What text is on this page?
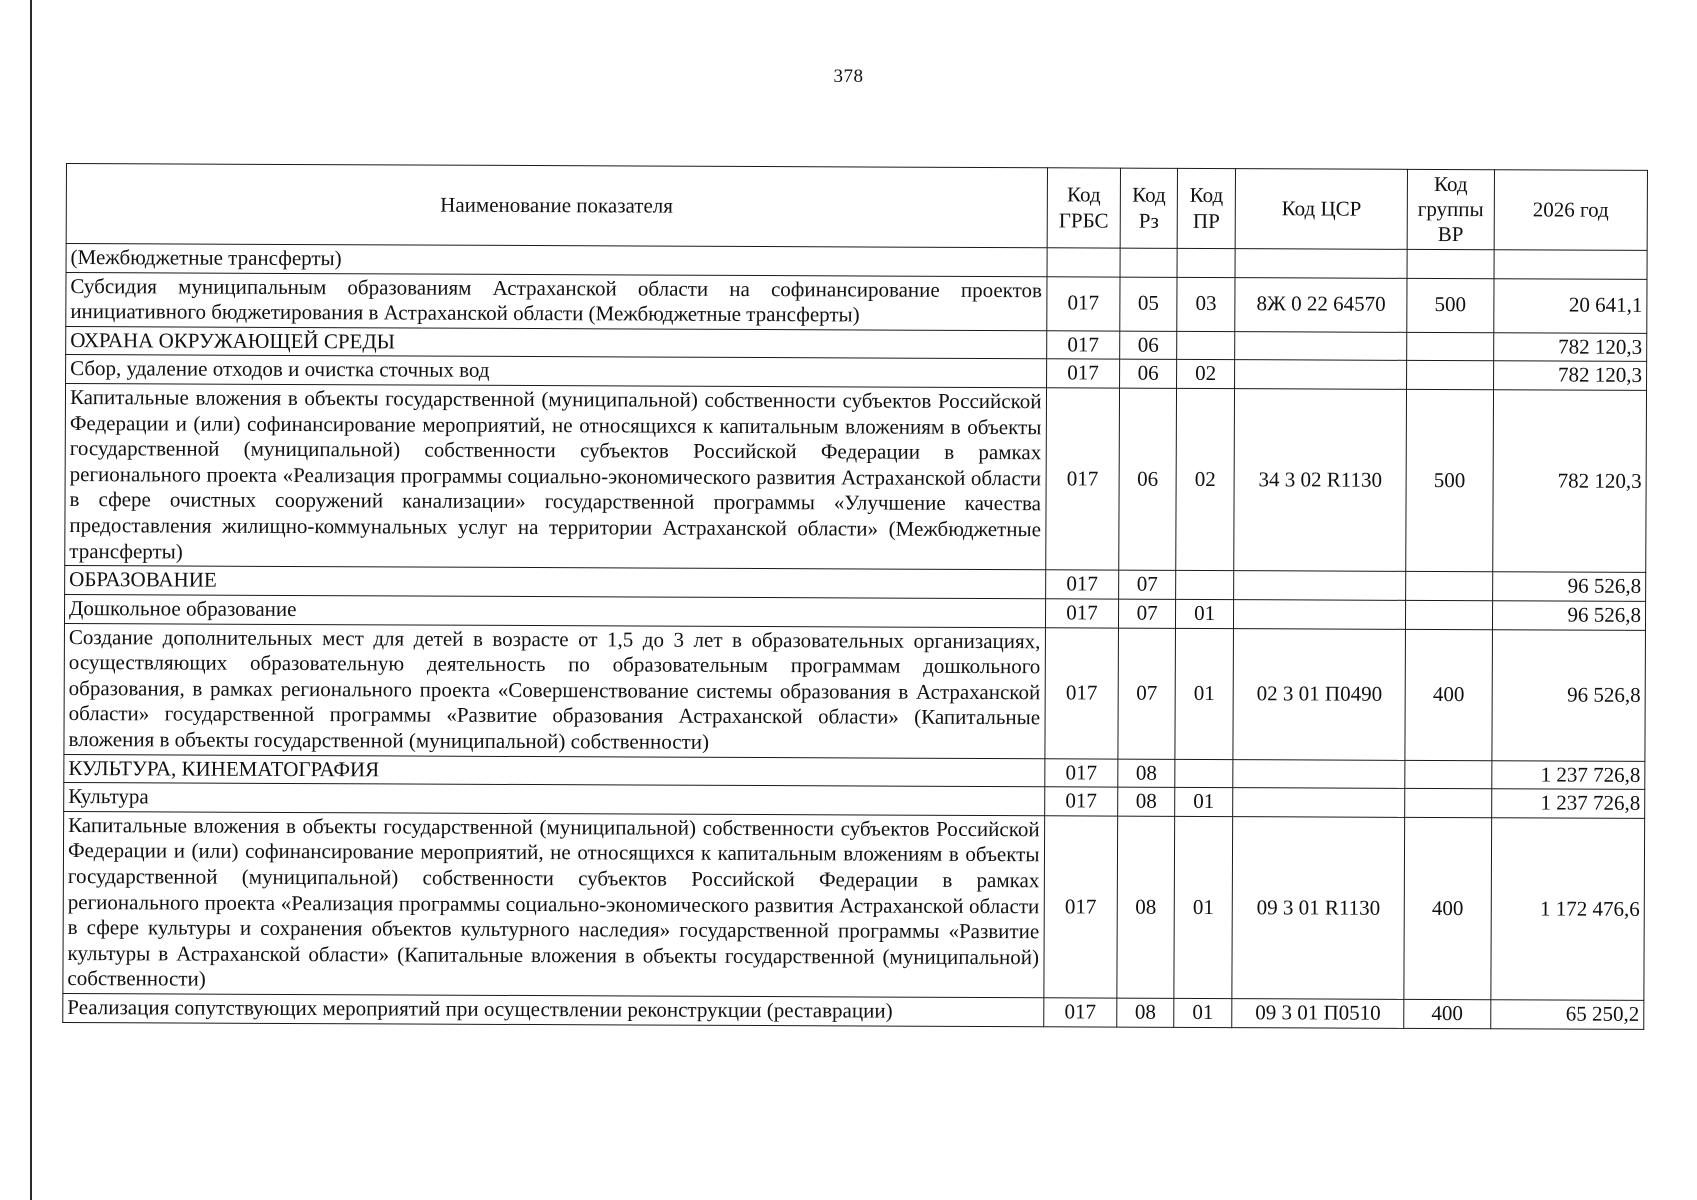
378
Наименование показателя	Код ГРБС	Код Рз	Код ПР	Код ЦСР	Код группы ВР	2026 год
(Межбюджетные трансферты)						
Субсидия муниципальным образованиям Астраханской области на софинансирование проектов инициативного бюджетирования в Астраханской области (Межбюджетные трансферты)	017	05	03	8Ж 0 22 64570	500	20 641,1
ОХРАНА ОКРУЖАЮЩЕЙ СРЕДЫ	017	06				782 120,3
Сбор, удаление отходов и очистка сточных вод	017	06	02			782 120,3
Капитальные вложения в объекты государственной (муниципальной) собственности субъектов Российской Федерации и (или) софинансирование мероприятий, не относящихся к капитальным вложениям в объекты государственной (муниципальной) собственности субъектов Российской Федерации в рамках регионального проекта «Реализация программы социально-экономического развития Астраханской области в сфере очистных сооружений канализации» государственной программы «Улучшение качества предоставления жилищно-коммунальных услуг на территории Астраханской области» (Межбюджетные трансферты)	017	06	02	34 3 02 R1130	500	782 120,3
ОБРАЗОВАНИЕ	017	07				96 526,8
Дошкольное образование	017	07	01			96 526,8
Создание дополнительных мест для детей в возрасте от 1,5 до 3 лет в образовательных организациях, осуществляющих образовательную деятельность по образовательным программам дошкольного образования, в рамках регионального проекта «Совершенствование системы образования в Астраханской области» государственной программы «Развитие образования Астраханской области» (Капитальные вложения в объекты государственной (муниципальной) собственности)	017	07	01	02 3 01 П0490	400	96 526,8
КУЛЬТУРА, КИНЕМАТОГРАФИЯ	017	08				1 237 726,8
Культура	017	08	01			1 237 726,8
Капитальные вложения в объекты государственной (муниципальной) собственности субъектов Российской Федерации и (или) софинансирование мероприятий, не относящихся к капитальным вложениям в объекты государственной (муниципальной) собственности субъектов Российской Федерации в рамках регионального проекта «Реализация программы социально-экономического развития Астраханской области в сфере культуры и сохранения объектов культурного наследия» государственной программы «Развитие культуры в Астраханской области» (Капитальные вложения в объекты государственной (муниципальной) собственности)	017	08	01	09 3 01 R1130	400	1 172 476,6
Реализация сопутствующих мероприятий при осуществлении реконструкции (реставрации)	017	08	01	09 3 01 П0510	400	65 250,2
